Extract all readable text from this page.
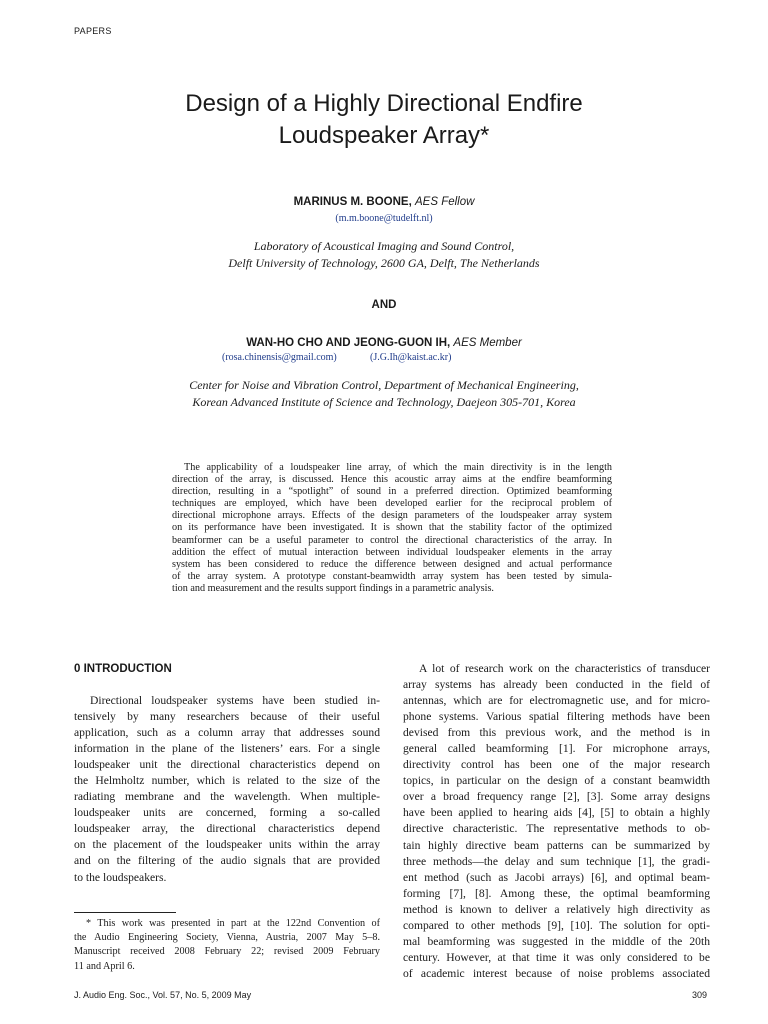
PAPERS
Design of a Highly Directional Endfire
Loudspeaker Array*
MARINUS M. BOONE, AES Fellow
(m.m.boone@tudelft.nl)
Laboratory of Acoustical Imaging and Sound Control,
Delft University of Technology, 2600 GA, Delft, The Netherlands
AND
WAN-HO CHO AND JEONG-GUON IH, AES Member
(rosa.chinensis@gmail.com)	(J.G.Ih@kaist.ac.kr)
Center for Noise and Vibration Control, Department of Mechanical Engineering,
Korean Advanced Institute of Science and Technology, Daejeon 305-701, Korea
The applicability of a loudspeaker line array, of which the main directivity is in the length
direction of the array, is discussed. Hence this acoustic array aims at the endfire beamforming
direction, resulting in a “spotlight” of sound in a preferred direction. Optimized beamforming
techniques are employed, which have been developed earlier for the reciprocal problem of
directional microphone arrays. Effects of the design parameters of the loudspeaker array system
on its performance have been investigated. It is shown that the stability factor of the optimized
beamformer can be a useful parameter to control the directional characteristics of the array. In
addition the effect of mutual interaction between individual loudspeaker elements in the array
system has been considered to reduce the difference between designed and actual performance
of the array system. A prototype constant-beamwidth array system has been tested by simula-
tion and measurement and the results support findings in a parametric analysis.
0 INTRODUCTION
Directional loudspeaker systems have been studied in-
tensively by many researchers because of their useful
application, such as a column array that addresses sound
information in the plane of the listeners’ ears. For a single
loudspeaker unit the directional characteristics depend on
the Helmholtz number, which is related to the size of the
radiating membrane and the wavelength. When multiple-
loudspeaker units are concerned, forming a so-called
loudspeaker array, the directional characteristics depend
on the placement of the loudspeaker units within the array
and on the filtering of the audio signals that are provided
to the loudspeakers.
A lot of research work on the characteristics of transducer
array systems has already been conducted in the field of
antennas, which are for electromagnetic use, and for micro-
phone systems. Various spatial filtering methods have been
devised from this previous work, and the method is in
general called beamforming [1]. For microphone arrays,
directivity control has been one of the major research
topics, in particular on the design of a constant beamwidth
over a broad frequency range [2], [3]. Some array designs
have been applied to hearing aids [4], [5] to obtain a highly
directive characteristic. The representative methods to ob-
tain highly directive beam patterns can be summarized by
three methods—the delay and sum technique [1], the gradi-
ent method (such as Jacobi arrays) [6], and optimal beam-
forming [7], [8]. Among these, the optimal beamforming
method is known to deliver a relatively high directivity as
compared to other methods [9], [10]. The solution for opti-
mal beamforming was suggested in the middle of the 20th
century. However, at that time it was only considered to be
of academic interest because of noise problems associated
* This work was presented in part at the 122nd Convention of
the Audio Engineering Society, Vienna, Austria, 2007 May 5–8.
Manuscript received 2008 February 22; revised 2009 February
11 and April 6.
J. Audio Eng. Soc., Vol. 57, No. 5, 2009 May	309
